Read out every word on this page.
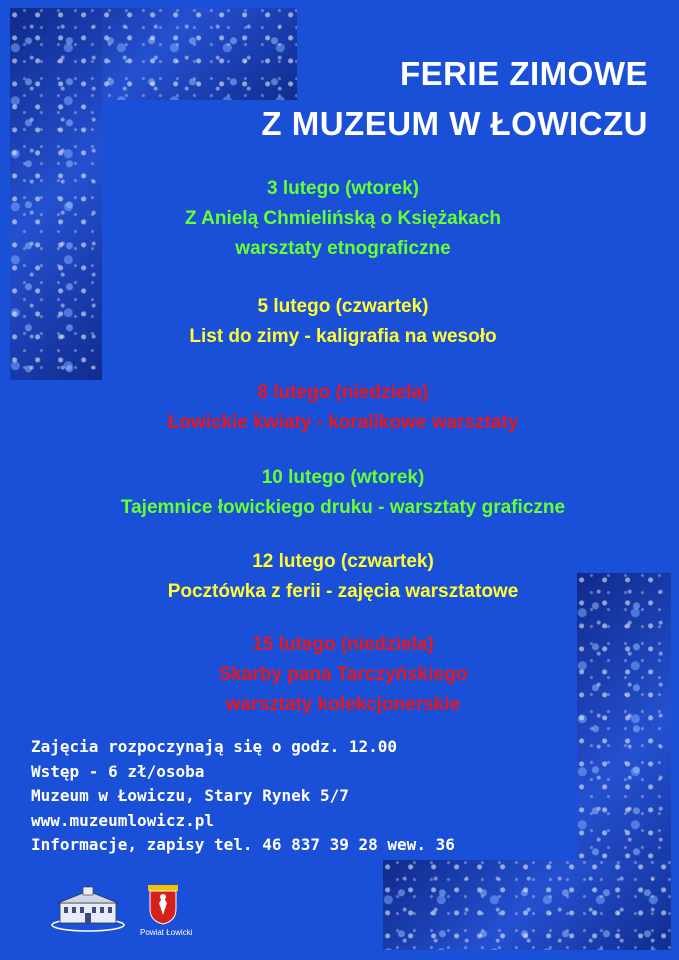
FERIE ZIMOWE
Z MUZEUM W ŁOWICZU
3 lutego (wtorek)
Z Anielą Chmielińską o Księżakach
warsztaty etnograficzne
5 lutego (czwartek)
List do zimy - kaligrafia na wesoło
8 lutego (niedziela)
Łowickie kwiaty - koralikowe warsztaty
10 lutego (wtorek)
Tajemnice łowickiego druku - warsztaty graficzne
12 lutego (czwartek)
Pocztówka z ferii - zajęcia warsztatowe
15 lutego (niedziela)
Skarby pana Tarczyńskiego
warsztaty kolekcjonerskie
Zajęcia rozpoczynają się o godz. 12.00
Wstęp - 6 zł/osoba
Muzeum w Łowiczu, Stary Rynek 5/7
www.muzeumlowicz.pl
Informacje, zapisy tel. 46 837 39 28 wew. 36
Powiat Łowicki
